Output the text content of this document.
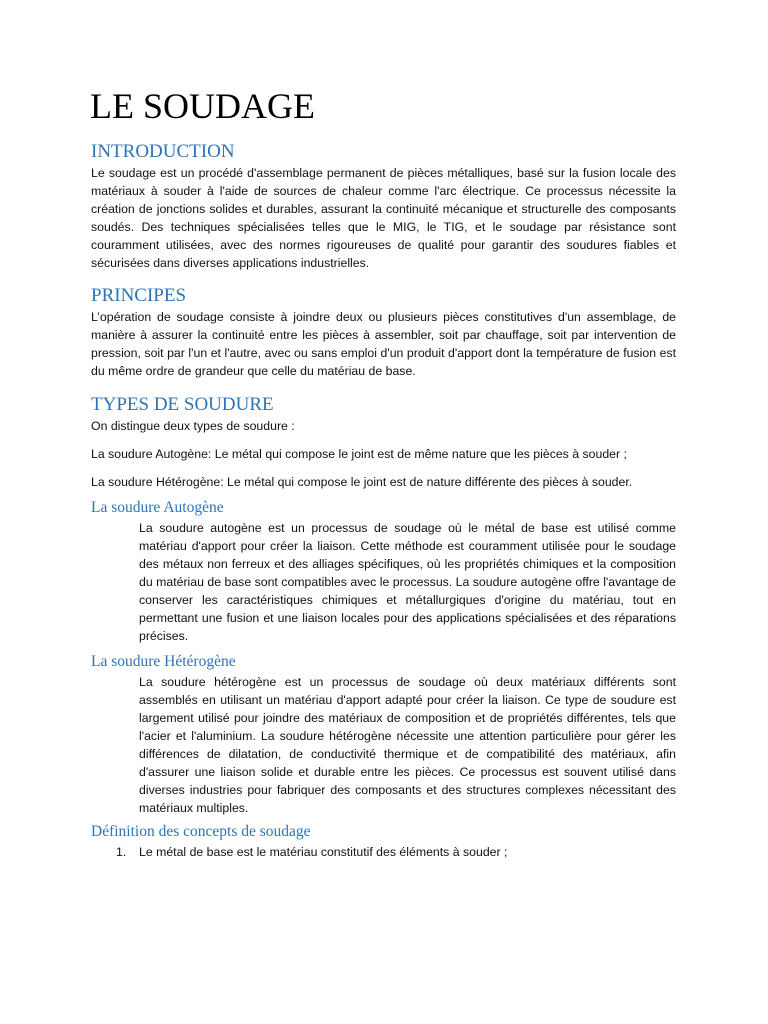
LE SOUDAGE
INTRODUCTION

Le soudage est un procédé d'assemblage permanent de pièces métalliques, basé sur la fusion locale des matériaux à souder à l'aide de sources de chaleur comme l'arc électrique. Ce processus nécessite la création de jonctions solides et durables, assurant la continuité mécanique et structurelle des composants soudés. Des techniques spécialisées telles que le MIG, le TIG, et le soudage par résistance sont couramment utilisées, avec des normes rigoureuses de qualité pour garantir des soudures fiables et sécurisées dans diverses applications industrielles.

PRINCIPES

L’opération de soudage consiste à joindre deux ou plusieurs pièces constitutives d'un assemblage, de manière à assurer la continuité entre les pièces à assembler, soit par chauffage, soit par intervention de pression, soit par l'un et l'autre, avec ou sans emploi d'un produit d'apport dont la température de fusion est du même ordre de grandeur que celle du matériau de base.

TYPES DE SOUDURE

On distingue deux types de soudure :

La soudure Autogène: Le métal qui compose le joint est de même nature que les pièces à souder ;

La soudure Hétérogène: Le métal qui compose le joint est de nature différente des pièces à souder.

La soudure Autogène

La soudure autogène est un processus de soudage où le métal de base est utilisé comme matériau d'apport pour créer la liaison. Cette méthode est couramment utilisée pour le soudage des métaux non ferreux et des alliages spécifiques, où les propriétés chimiques et la composition du matériau de base sont compatibles avec le processus. La soudure autogène offre l'avantage de conserver les caractéristiques chimiques et métallurgiques d'origine du matériau, tout en permettant une fusion et une liaison locales pour des applications spécialisées et des réparations précises.

La soudure Hétérogène

La soudure hétérogène est un processus de soudage où deux matériaux différents sont assemblés en utilisant un matériau d'apport adapté pour créer la liaison. Ce type de soudure est largement utilisé pour joindre des matériaux de composition et de propriétés différentes, tels que l'acier et l'aluminium. La soudure hétérogène nécessite une attention particulière pour gérer les différences de dilatation, de conductivité thermique et de compatibilité des matériaux, afin d'assurer une liaison solide et durable entre les pièces. Ce processus est souvent utilisé dans diverses industries pour fabriquer des composants et des structures complexes nécessitant des matériaux multiples.

Définition des concepts de soudage
1. Le métal de base est le matériau constitutif des éléments à souder ;
